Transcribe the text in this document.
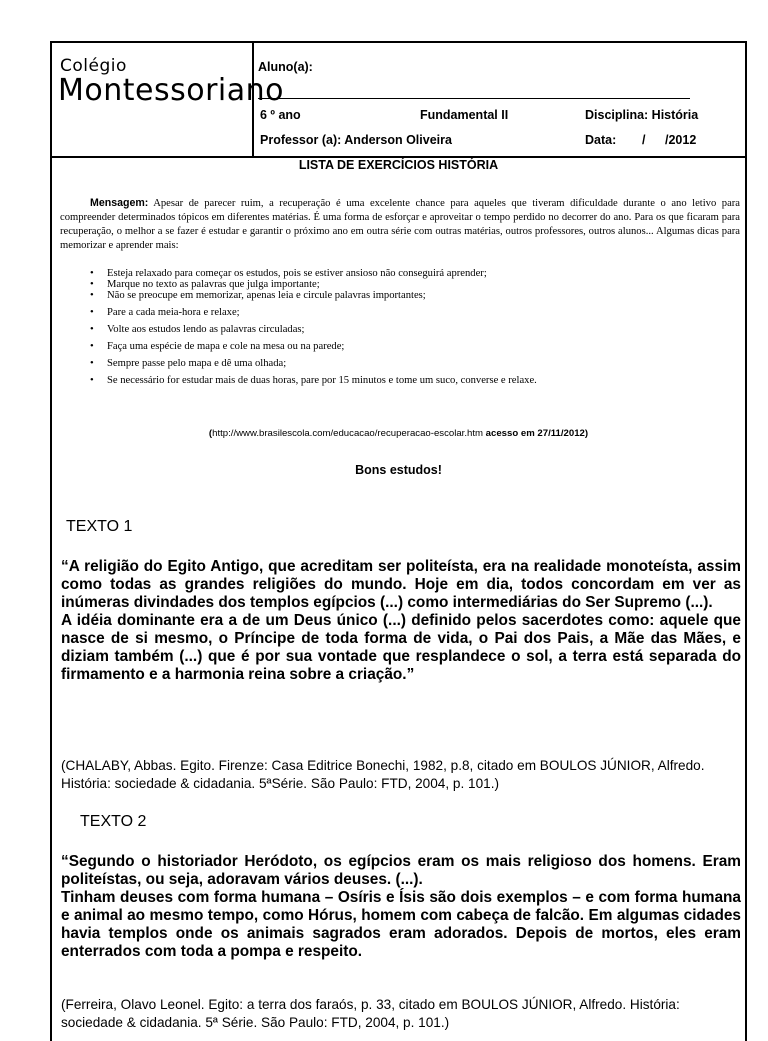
Colégio
Montessoriano
Aluno(a):
6 º ano	Fundamental II	Disciplina: História
Professor (a): Anderson Oliveira	Data: / /2012
LISTA DE EXERCÍCIOS HISTÓRIA
Mensagem: Apesar de parecer ruim, a recuperação é uma excelente chance para aqueles que tiveram dificuldade durante o ano letivo para compreender determinados tópicos em diferentes matérias. É uma forma de esforçar e aproveitar o tempo perdido no decorrer do ano. Para os que ficaram para recuperação, o melhor a se fazer é estudar e garantir o próximo ano em outra série com outras matérias, outros professores, outros alunos... Algumas dicas para memorizar e aprender mais:
• Esteja relaxado para começar os estudos, pois se estiver ansioso não conseguirá aprender;
• Marque no texto as palavras que julga importante;
• Não se preocupe em memorizar, apenas leia e circule palavras importantes;
• Pare a cada meia-hora e relaxe;
• Volte aos estudos lendo as palavras circuladas;
• Faça uma espécie de mapa e cole na mesa ou na parede;
• Sempre passe pelo mapa e dê uma olhada;
• Se necessário for estudar mais de duas horas, pare por 15 minutos e tome um suco, converse e relaxe.
(http://www.brasilescola.com/educacao/recuperacao-escolar.htm acesso em 27/11/2012)
Bons estudos!
TEXTO 1

“A religião do Egito Antigo, que acreditam ser politeísta, era na realidade monoteísta, assim como todas as grandes religiões do mundo. Hoje em dia, todos concordam em ver as inúmeras divindades dos templos egípcios (...) como intermediárias do Ser Supremo (...).

A idéia dominante era a de um Deus único (...) definido pelos sacerdotes como: aquele que nasce de si mesmo, o Príncipe de toda forma de vida, o Pai dos Pais, a Mãe das Mães, e diziam também (...) que é por sua vontade que resplandece o sol, a terra está separada do firmamento e a harmonia reina sobre a criação.”

(CHALABY, Abbas. Egito. Firenze: Casa Editrice Bonechi, 1982, p.8, citado em BOULOS JÚNIOR, Alfredo. História: sociedade & cidadania. 5ªSérie. São Paulo: FTD, 2004, p. 101.)
TEXTO 2

“Segundo o historiador Heródoto, os egípcios eram os mais religioso dos homens. Eram politeístas, ou seja, adoravam vários deuses. (...).

Tinham deuses com forma humana – Osíris e Ísis são dois exemplos – e com forma humana e animal ao mesmo tempo, como Hórus, homem com cabeça de falcão. Em algumas cidades havia templos onde os animais sagrados eram adorados. Depois de mortos, eles eram enterrados com toda a pompa e respeito.

(Ferreira, Olavo Leonel. Egito: a terra dos faraós, p. 33, citado em BOULOS JÚNIOR, Alfredo. História: sociedade & cidadania. 5ª Série. São Paulo: FTD, 2004, p. 101.)
